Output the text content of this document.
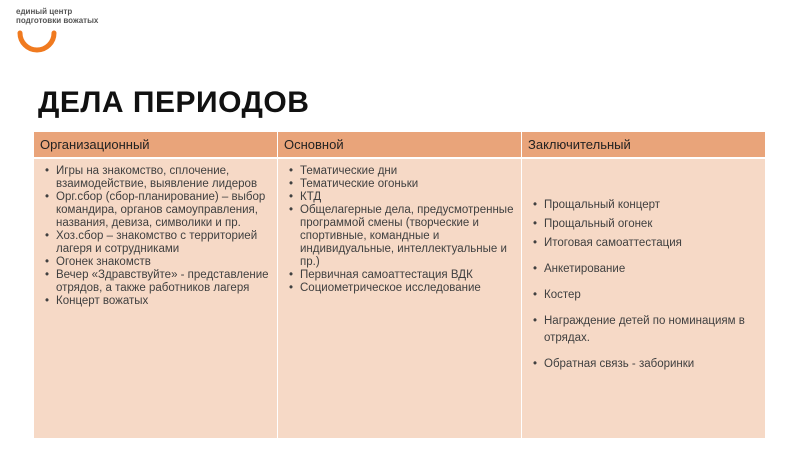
единый центр
подготовки вожатых
ДЕЛА ПЕРИОДОВ
Организационный	Основной	Заключительный
• Игры на знакомство, сплочение, взаимодействие, выявление лидеров
• Орг.сбор (сбор-планирование) – выбор командира, органов самоуправления, названия, девиза, символики и пр.
• Хоз.сбор – знакомство с территорией лагеря и сотрудниками
• Огонек знакомств
• Вечер «Здравствуйте» - представление отрядов, а также работников лагеря
• Концерт вожатых
• Тематические дни
• Тематические огоньки
• КТД
• Общелагерные дела, предусмотренные программой смены (творческие и спортивные, командные и индивидуальные, интеллектуальные и пр.)
• Первичная самоаттестация ВДК
• Социометрическое исследование
• Прощальный концерт
• Прощальный огонек
• Итоговая самоаттестация
• Анкетирование
• Костер
• Награждение детей по номинациям в отрядах.
• Обратная связь - заборинки
